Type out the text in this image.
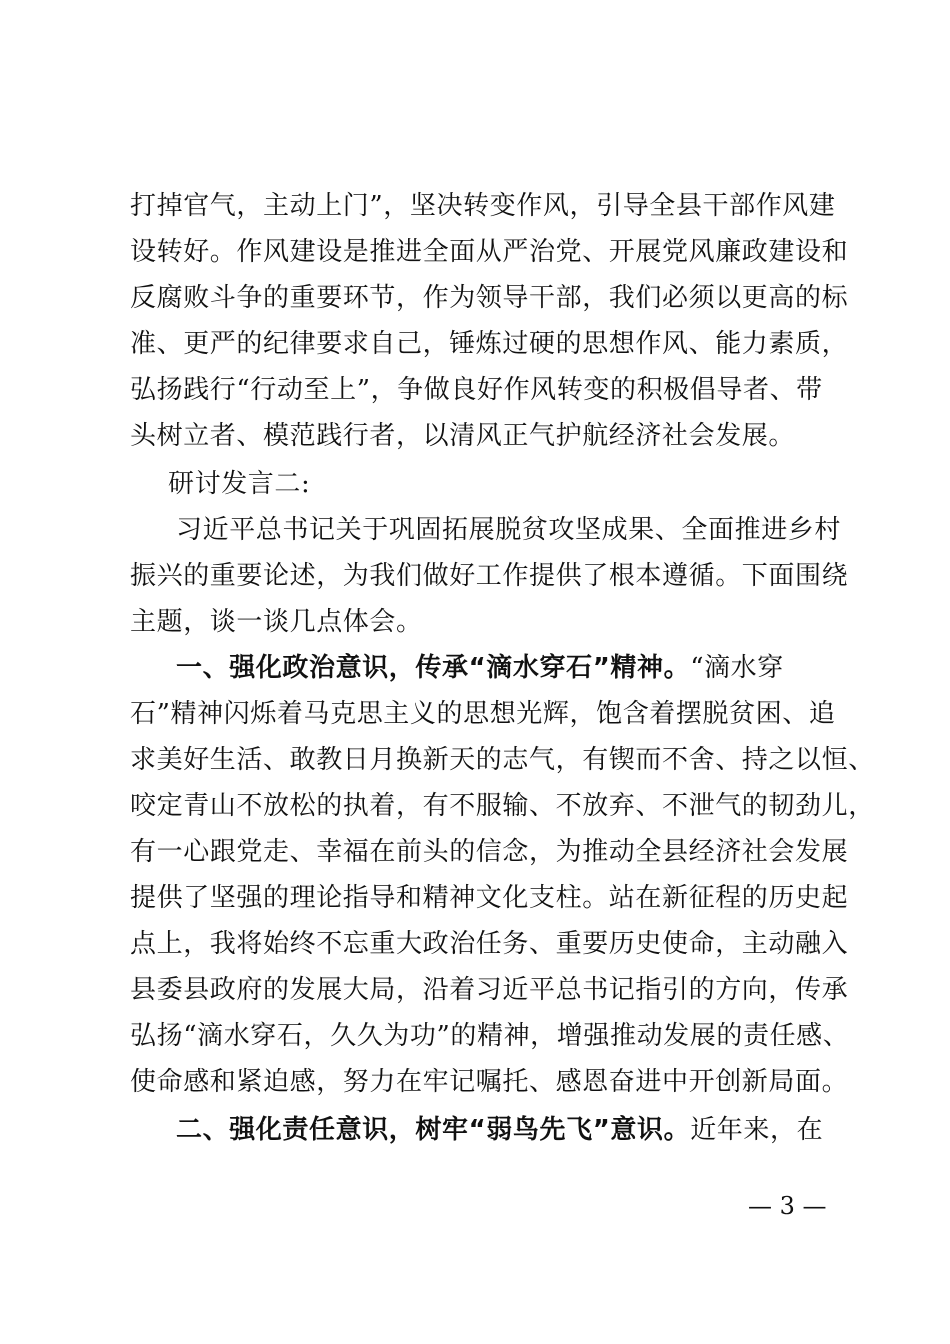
打掉官气，主动上门”，坚决转变作风，引导全县干部作风建
设转好。作风建设是推进全面从严治党、开展党风廉政建设和
反腐败斗争的重要环节，作为领导干部，我们必须以更高的标
准、更严的纪律要求自己，锤炼过硬的思想作风、能力素质，
弘扬践行“行动至上”，争做良好作风转变的积极倡导者、带
头树立者、模范践行者，以清风正气护航经济社会发展。
研讨发言二:
习近平总书记关于巩固拓展脱贫攻坚成果、全面推进乡村
振兴的重要论述，为我们做好工作提供了根本遵循。下面围绕
主题，谈一谈几点体会。
一、强化政治意识，传承“滴水穿石”精神。“滴水穿
石”精神闪烁着马克思主义的思想光辉，饱含着摆脱贫困、追
求美好生活、敢教日月换新天的志气，有锲而不舍、持之以恒、
咬定青山不放松的执着，有不服输、不放弃、不泄气的韧劲儿，
有一心跟党走、幸福在前头的信念，为推动全县经济社会发展
提供了坚强的理论指导和精神文化支柱。站在新征程的历史起
点上，我将始终不忘重大政治任务、重要历史使命，主动融入
县委县政府的发展大局，沿着习近平总书记指引的方向，传承
弘扬“滴水穿石，久久为功”的精神，增强推动发展的责任感、
使命感和紧迫感，努力在牢记嘱托、感恩奋进中开创新局面。
二、强化责任意识，树牢“弱鸟先飞”意识。近年来，在
— 3 —
